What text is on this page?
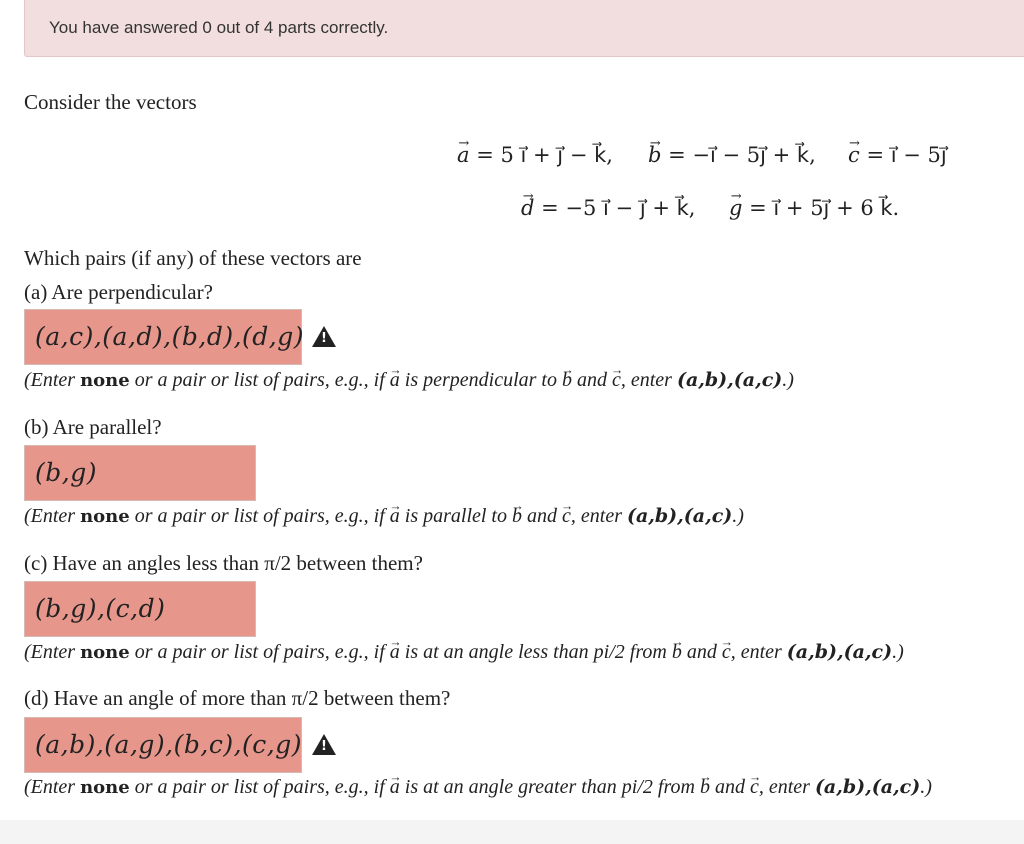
You have answered 0 out of 4 parts correctly.
Consider the vectors
→ a = 5 ı⃗ + ȷ⃗ − k⃗, → b = −ı⃗ − 5ȷ⃗ + k⃗, → c = ı⃗ − 5ȷ⃗
→ d = −5 ı⃗ − ȷ⃗ + k⃗, → g = ı⃗ + 5ȷ⃗ + 6 k⃗.
Which pairs (if any) of these vectors are
(a) Are perpendicular?
(a,c),(a,d),(b,d),(d,g)
!
(Enter none or a pair or list of pairs, e.g., if → a is perpendicular to → b and → c, enter (a,b),(a,c).)
(b) Are parallel?
(b,g)
(Enter none or a pair or list of pairs, e.g., if → a is parallel to → b and → c, enter (a,b),(a,c).)
(c) Have an angles less than π/2 between them?
(b,g),(c,d)
(Enter none or a pair or list of pairs, e.g., if → a is at an angle less than pi/2 from → b and → c, enter (a,b),(a,c).)
(d) Have an angle of more than π/2 between them?
(a,b),(a,g),(b,c),(c,g)
!
(Enter none or a pair or list of pairs, e.g., if → a is at an angle greater than pi/2 from → b and → c, enter (a,b),(a,c).)
